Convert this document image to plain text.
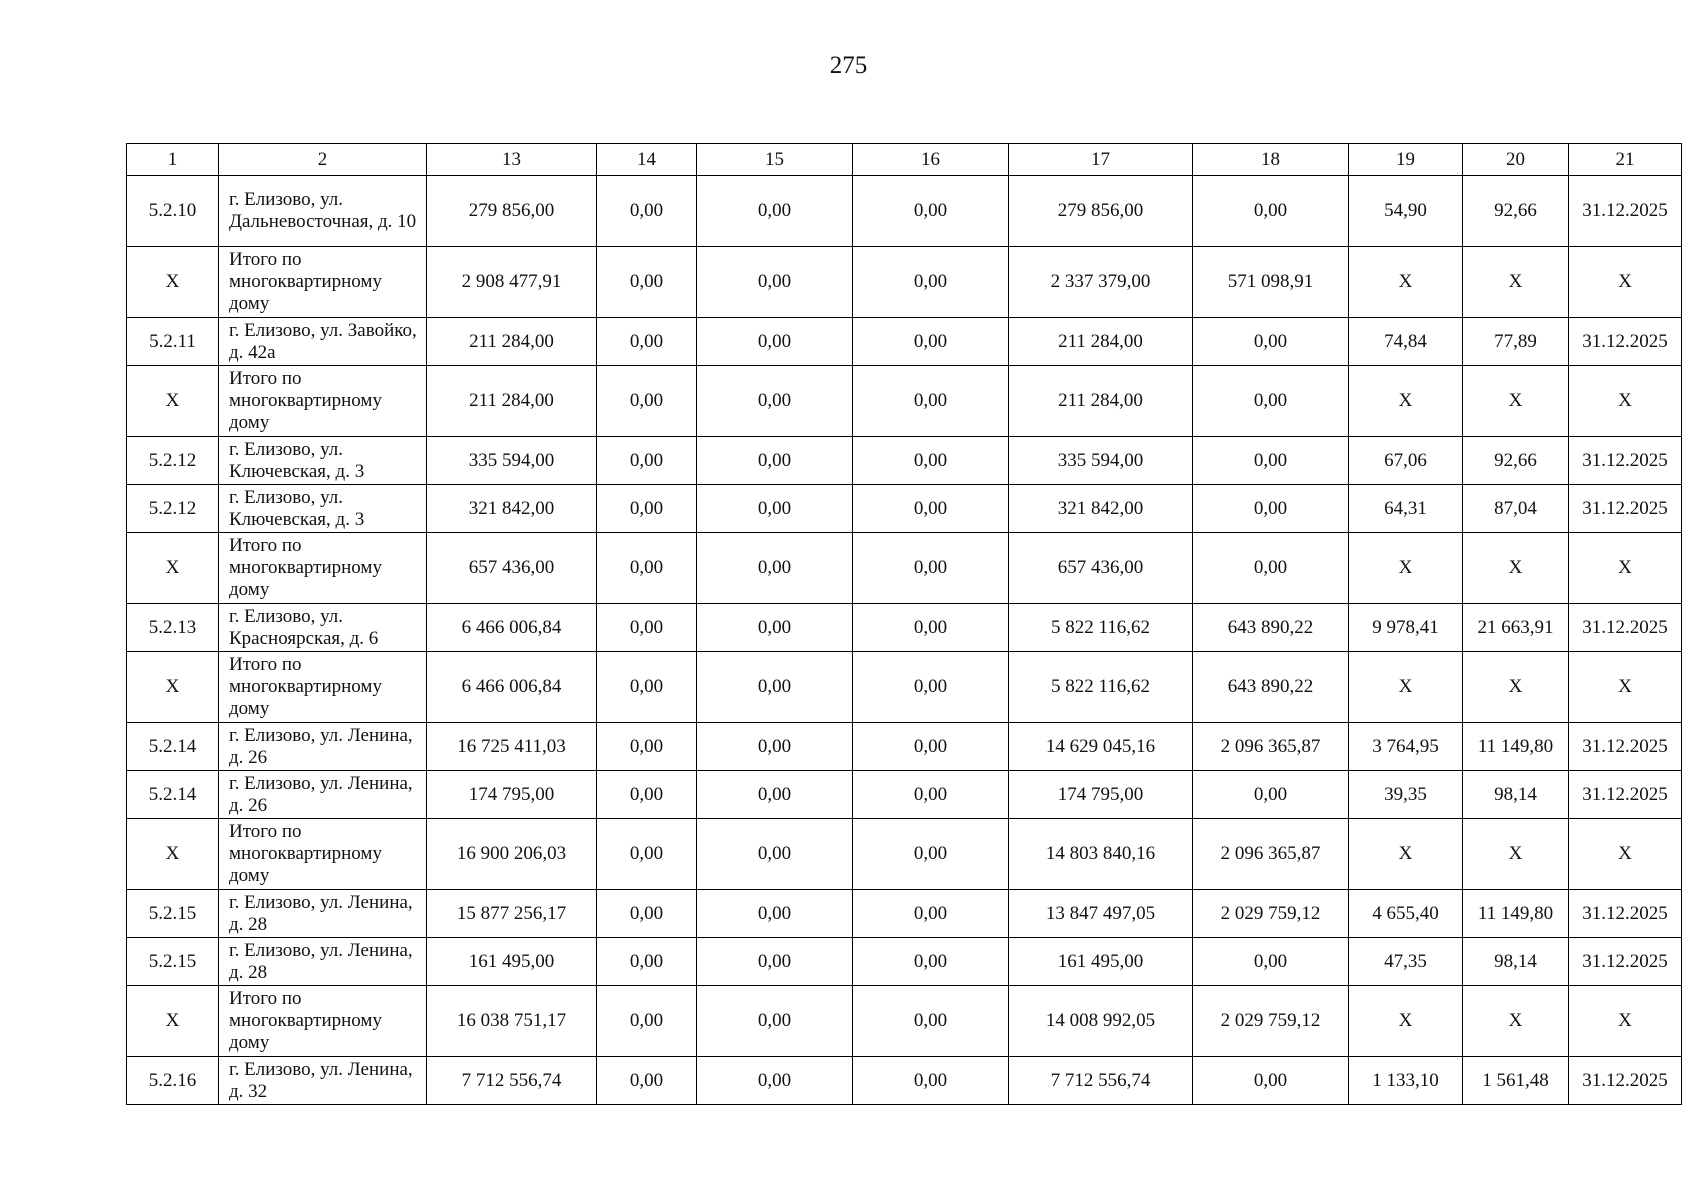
275
1	2	13	14	15	16	17	18	19	20	21
5.2.10	г. Елизово, ул. Дальневосточная, д. 10	279 856,00	0,00	0,00	0,00	279 856,00	0,00	54,90	92,66	31.12.2025
X	Итого по многоквартирному дому	2 908 477,91	0,00	0,00	0,00	2 337 379,00	571 098,91	X	X	X
5.2.11	г. Елизово, ул. Завойко, д. 42а	211 284,00	0,00	0,00	0,00	211 284,00	0,00	74,84	77,89	31.12.2025
X	Итого по многоквартирному дому	211 284,00	0,00	0,00	0,00	211 284,00	0,00	X	X	X
5.2.12	г. Елизово, ул. Ключевская, д. 3	335 594,00	0,00	0,00	0,00	335 594,00	0,00	67,06	92,66	31.12.2025
5.2.12	г. Елизово, ул. Ключевская, д. 3	321 842,00	0,00	0,00	0,00	321 842,00	0,00	64,31	87,04	31.12.2025
X	Итого по многоквартирному дому	657 436,00	0,00	0,00	0,00	657 436,00	0,00	X	X	X
5.2.13	г. Елизово, ул. Красноярская, д. 6	6 466 006,84	0,00	0,00	0,00	5 822 116,62	643 890,22	9 978,41	21 663,91	31.12.2025
X	Итого по многоквартирному дому	6 466 006,84	0,00	0,00	0,00	5 822 116,62	643 890,22	X	X	X
5.2.14	г. Елизово, ул. Ленина, д. 26	16 725 411,03	0,00	0,00	0,00	14 629 045,16	2 096 365,87	3 764,95	11 149,80	31.12.2025
5.2.14	г. Елизово, ул. Ленина, д. 26	174 795,00	0,00	0,00	0,00	174 795,00	0,00	39,35	98,14	31.12.2025
X	Итого по многоквартирному дому	16 900 206,03	0,00	0,00	0,00	14 803 840,16	2 096 365,87	X	X	X
5.2.15	г. Елизово, ул. Ленина, д. 28	15 877 256,17	0,00	0,00	0,00	13 847 497,05	2 029 759,12	4 655,40	11 149,80	31.12.2025
5.2.15	г. Елизово, ул. Ленина, д. 28	161 495,00	0,00	0,00	0,00	161 495,00	0,00	47,35	98,14	31.12.2025
X	Итого по многоквартирному дому	16 038 751,17	0,00	0,00	0,00	14 008 992,05	2 029 759,12	X	X	X
5.2.16	г. Елизово, ул. Ленина, д. 32	7 712 556,74	0,00	0,00	0,00	7 712 556,74	0,00	1 133,10	1 561,48	31.12.2025
